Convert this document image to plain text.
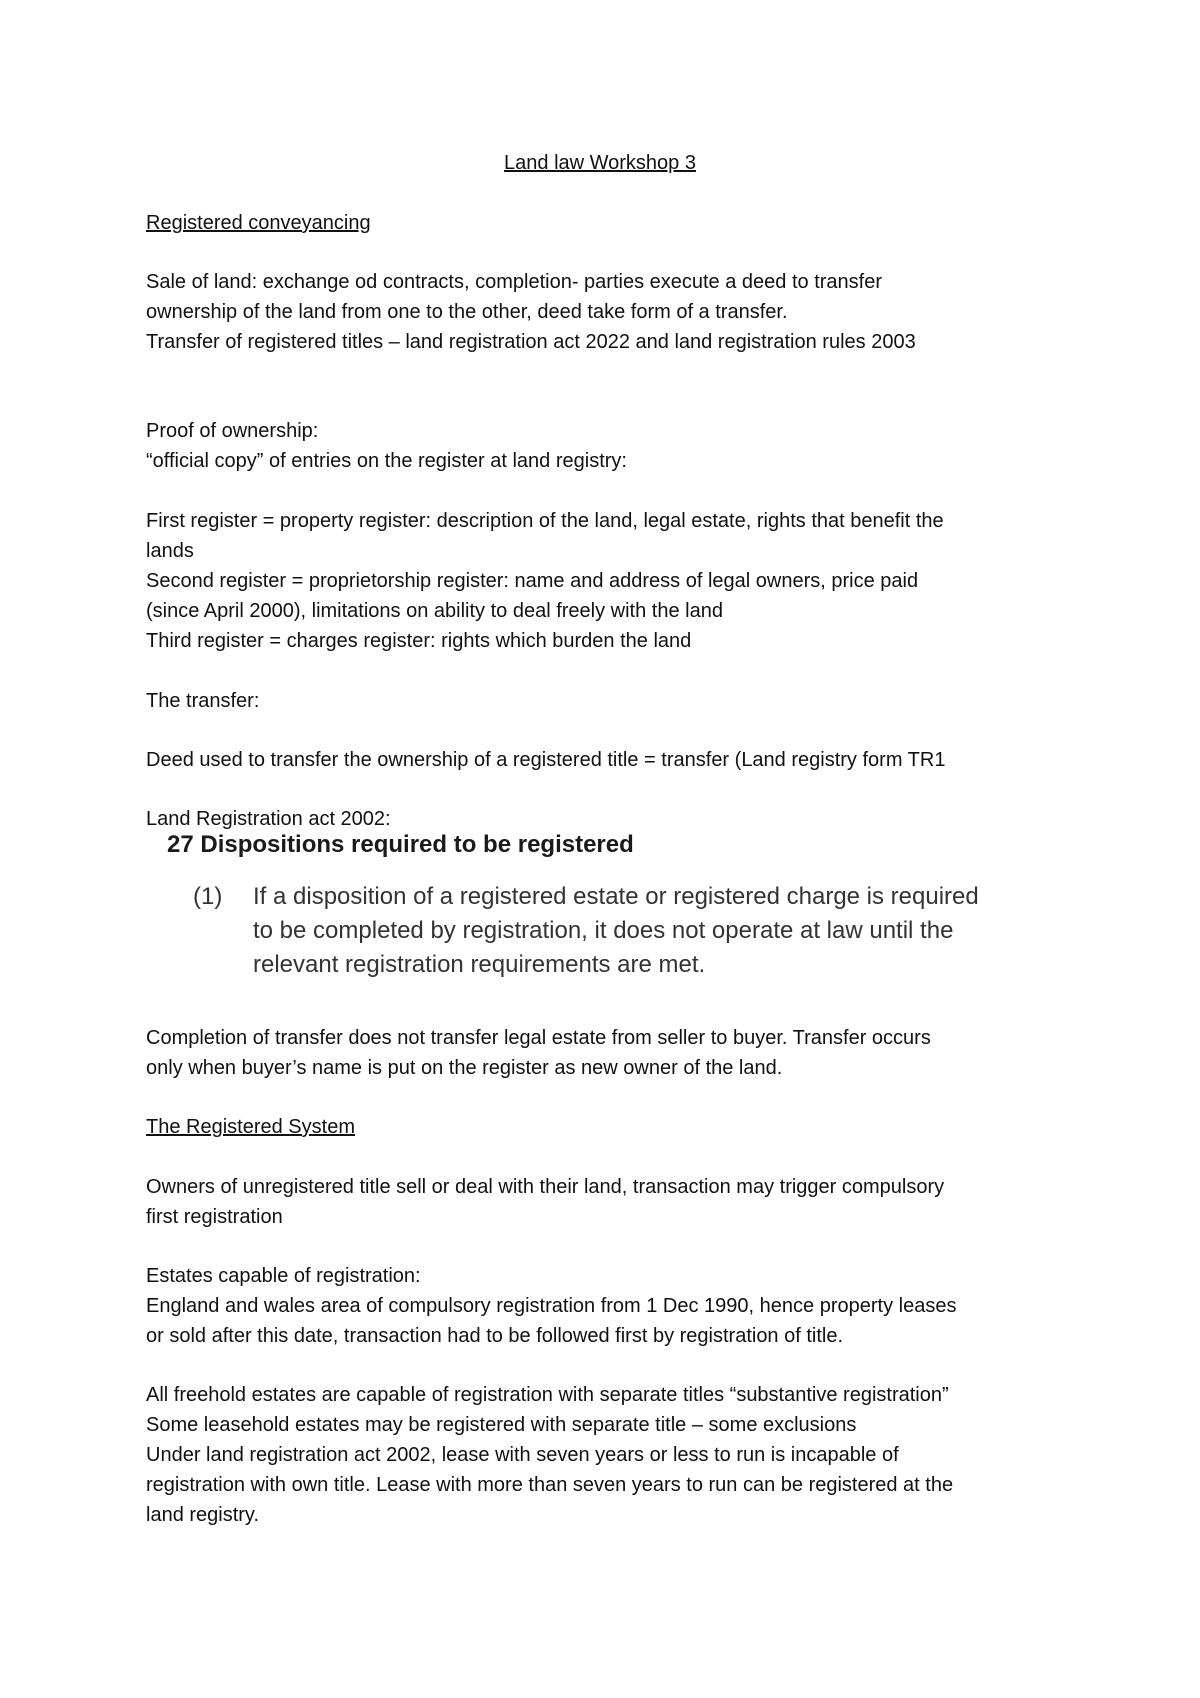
Land law Workshop 3
Registered conveyancing
Sale of land: exchange od contracts, completion- parties execute a deed to transfer
ownership of the land from one to the other, deed take form of a transfer.
Transfer of registered titles – land registration act 2022 and land registration rules 2003
Proof of ownership:
“official copy” of entries on the register at land registry:
First register = property register: description of the land, legal estate, rights that benefit the
lands
Second register = proprietorship register: name and address of legal owners, price paid
(since April 2000), limitations on ability to deal freely with the land
Third register = charges register: rights which burden the land
The transfer:
Deed used to transfer the ownership of a registered title = transfer (Land registry form TR1
Land Registration act 2002:
27 Dispositions required to be registered
(1) If a disposition of a registered estate or registered charge is required
to be completed by registration, it does not operate at law until the
relevant registration requirements are met.
Completion of transfer does not transfer legal estate from seller to buyer. Transfer occurs
only when buyer’s name is put on the register as new owner of the land.
The Registered System
Owners of unregistered title sell or deal with their land, transaction may trigger compulsory
first registration
Estates capable of registration:
England and wales area of compulsory registration from 1 Dec 1990, hence property leases
or sold after this date, transaction had to be followed first by registration of title.
All freehold estates are capable of registration with separate titles “substantive registration”
Some leasehold estates may be registered with separate title – some exclusions
Under land registration act 2002, lease with seven years or less to run is incapable of
registration with own title. Lease with more than seven years to run can be registered at the
land registry.
